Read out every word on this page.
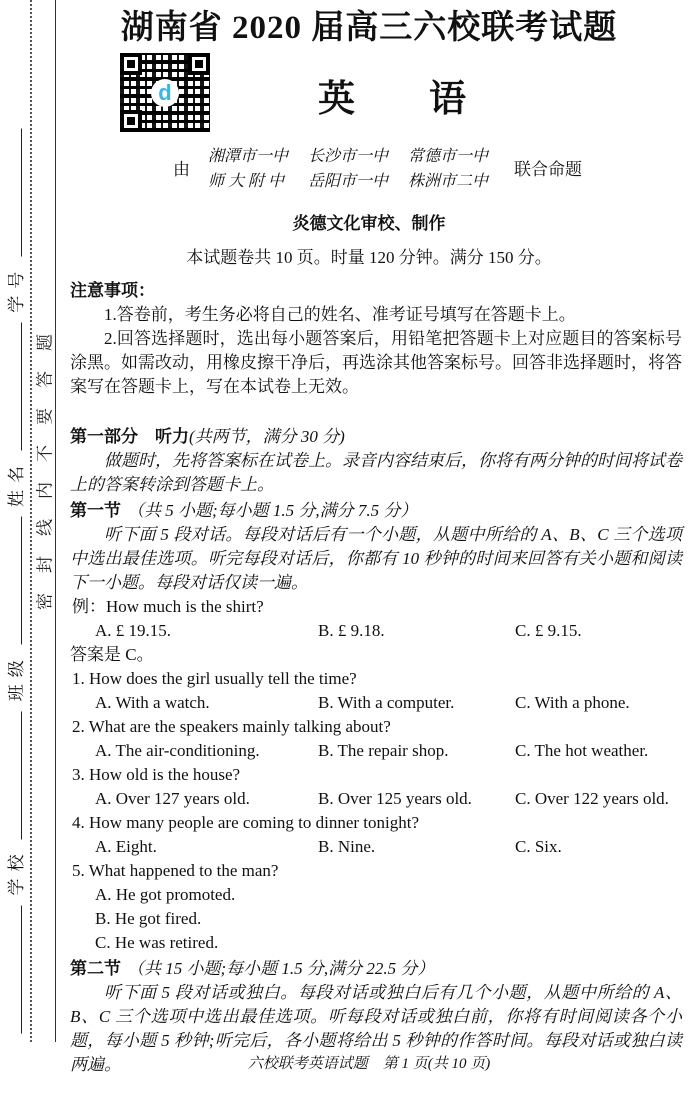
学校 班级 姓名 学号
密封线内不要答题
湖南省 2020 届高三六校联考试题
d	英 语
由
湘潭市一中	长沙市一中	常德市一中
师 大 附 中	岳阳市一中	株洲市二中
联合命题
炎德文化审校、制作
本试题卷共 10 页。时量 120 分钟。满分 150 分。

注意事项：

1.答卷前，考生务必将自己的姓名、准考证号填写在答题卡上。

2.回答选择题时，选出每小题答案后，用铅笔把答题卡上对应题目的答案标号涂黑。如需改动，用橡皮擦干净后，再选涂其他答案标号。回答非选择题时，将答案写在答题卡上，写在本试卷上无效。

第一部分　听力(共两节，满分 30 分)

做题时，先将答案标在试卷上。录音内容结束后，你将有两分钟的时间将试卷上的答案转涂到答题卡上。

第一节 （共 5 小题;每小题 1.5 分,满分 7.5 分）

听下面 5 段对话。每段对话后有一个小题，从题中所给的 A、B、C 三个选项中选出最佳选项。听完每段对话后，你都有 10 秒钟的时间来回答有关小题和阅读下一小题。每段对话仅读一遍。

例：How much is the shirt?

A. £ 19.15.	B. £ 9.18.	C. £ 9.15.

答案是 C。

1. How does the girl usually tell the time?

A. With a watch.	B. With a computer.	C. With a phone.

2. What are the speakers mainly talking about?

A. The air-conditioning.	B. The repair shop.	C. The hot weather.

3. How old is the house?

A. Over 127 years old.	B. Over 125 years old.	C. Over 122 years old.

4. How many people are coming to dinner tonight?

A. Eight.	B. Nine.	C. Six.

5. What happened to the man?

A. He got promoted.

B. He got fired.

C. He was retired.

第二节 （共 15 小题;每小题 1.5 分,满分 22.5 分）

听下面 5 段对话或独白。每段对话或独白后有几个小题，从题中所给的 A、B、C 三个选项中选出最佳选项。听每段对话或独白前，你将有时间阅读各个小题，每小题 5 秒钟;听完后，各小题将给出 5 秒钟的作答时间。每段对话或独白读两遍。	六校联考英语试题　第 1 页(共 10 页)
